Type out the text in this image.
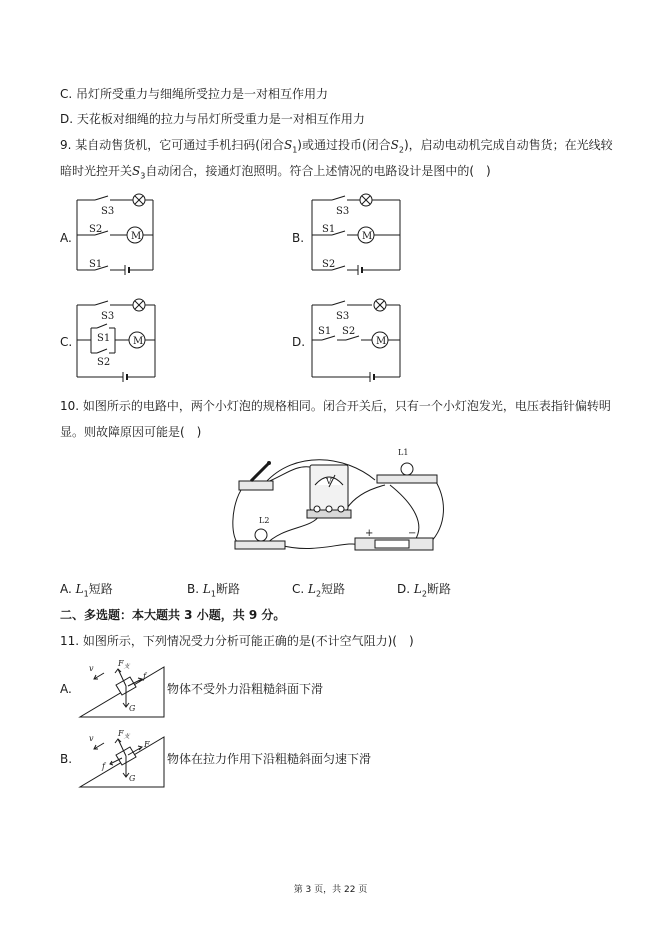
C. 吊灯所受重力与细绳所受拉力是一对相互作用力
D. 天花板对细绳的拉力与吊灯所受重力是一对相互作用力
9. 某自动售货机，它可通过手机扫码(闭合$S_1$)或通过投币(闭合$S_2$)，启动电动机完成自动售货；在光线较
暗时光控开关$S_3$自动闭合，接通灯泡照明。符合上述情况的电路设计是图中的(　)
A.
S3
S2
M
S1
B.
S3
S1
M
S2
C.
S3
S1 M
S2
D.
S3
S1 S2
M
10. 如图所示的电路中，两个小灯泡的规格相同。闭合开关后，只有一个小灯泡发光，电压表指针偏转明
显。则故障原因可能是(　)
V
L1
L2
+	−
A. $L_1$短路	B. $L_1$断路	C. $L_2$短路	D. $L_2$断路
二、多选题：本大题共 3 小题，共 9 分。
11. 如图所示，下列情况受力分析可能正确的是(不计空气阻力)(　)
A.
v
$F_支$
f
G
物体不受外力沿粗糙斜面下滑
B.
v
$F_支$
F
f
G
物体在拉力作用下沿粗糙斜面匀速下滑
第 3 页，共 22 页
